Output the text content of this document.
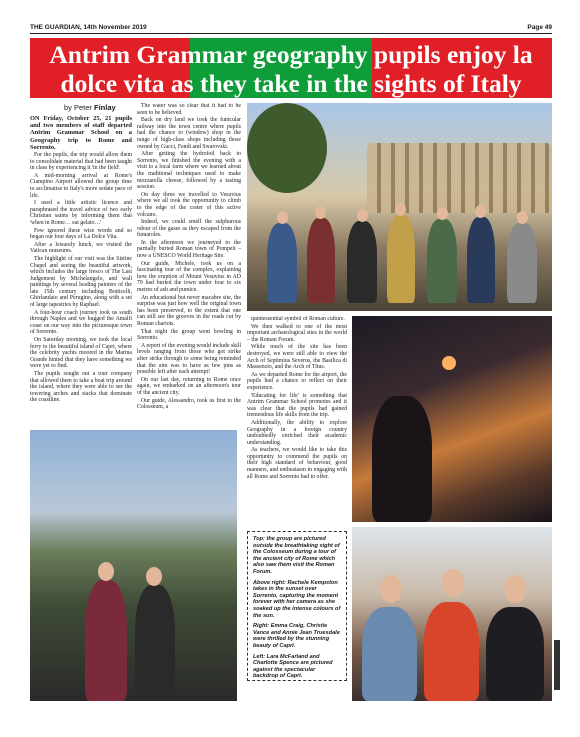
THE GUARDIAN, 14th November 2019	Page 49
Antrim Grammar geography pupils enjoy la
dolce vita as they take in the sights of Italy
by Peter Finlay

ON Friday, October 25, 21 pupils and two members of staff departed Antrim Grammar School on a Geography trip to Rome and Sorrento.

For the pupils, the trip would allow them to consolidate material that had been taught in class by experiencing it 'in the field'.

A mid-morning arrival at Rome's Ciampino Airport allowed the group time to acclimatise to Italy's more sedate pace of life.

I used a little artistic licence and paraphrased the travel advice of two early Christian saints by informing them that 'when in Rome… eat gelato…'

Few ignored these wise words and so began our four days of La Dolce Vita.

After a leisurely lunch, we visited the Vatican museums.

The highlight of our visit was the Sistine Chapel and seeing the beautiful artwork, which includes the large fresco of The Last Judgement by Michelangelo, and wall paintings by several leading painters of the late 15th century including Botticelli, Ghirlandaio and Perugino, along with a set of large tapestries by Raphael.

A four-hour coach journey took us south through Naples and we hugged the Amalfi coast on our way into the picturesque town of Sorrento.

On Saturday morning, we took the local ferry to the beautiful island of Capri, where the celebrity yachts moored in the Marina Grande hinted that they have something we were yet to find.

The pupils sought out a tour company that allowed them to take a boat trip around the island, where they were able to see the towering arches and stacks that dominate the coastline.

The water was so clear that it had to be seen to be believed.

Back on dry land we took the funicular railway into the town centre where pupils had the chance to (window) shop in the range of high-class shops including those owned by Gucci, Fendi and Swarovski.

After getting the hydrofoil back to Sorrento, we finished the evening with a visit to a local farm where we learned about the traditional techniques used to make mozzarella cheese, followed by a tasting session.

On day three we travelled to Vesuvius where we all took the opportunity to climb to the edge of the crater of this active volcano.

Indeed, we could smell the sulphurous odour of the gases as they escaped from the fumaroles.

In the afternoon we journeyed to the partially buried Roman town of Pompeii – now a UNESCO World Heritage Site.

Our guide, Michele, took us on a fascinating tour of the complex, explaining how the eruption of Mount Vesuvius in AD 79 had buried the town under four to six metres of ash and pumice.

An educational but never macabre site, the surprise was just how well the original town has been preserved, to the extent that one can still see the grooves in the roads cut by Roman chariots.

That night the group went bowling in Sorrento.

A report of the evening would include skill levels ranging from those who got strike after strike through to some being reminded that the aim was to have as few pins as possible left after each attempt!

On our last day, returning to Rome once again, we embarked on an afternoon's tour of the ancient city.

Our guide, Alessandro, took us first to the Colosseum, a

quintessential symbol of Roman culture.

We then walked to one of the most important archaeological sites in the world – the Roman Forum.

While much of the site has been destroyed, we were still able to view the Arch of Septimius Severus, the Basilica di Massenzio, and the Arch of Titus.

As we departed Rome for the airport, the pupils had a chance to reflect on their experience.

'Educating for life' is something that Antrim Grammar School promotes and it was clear that the pupils had gained tremendous life skills from the trip.

Additionally, the ability to explore Geography in a foreign country undoubtedly enriched their academic understanding.

As teachers, we would like to take this opportunity to commend the pupils on their high standard of behaviour, good manners, and enthusiasm in engaging with all Rome and Sorrento had to offer.

Top: the group are pictured outside the breathtaking sight of the Colosseum during a tour of the ancient city of Rome which also saw them visit the Roman Forum.

Above right: Rachele Kempston takes in the sunset over Sorrento, capturing the moment forever with her camera as she soaked up the intense colours of the sun.

Right: Emma Craig, Christie Vance and Annie Jean Truesdale were thrilled by the stunning beauty of Capri.

Left: Lara McFarland and Charlotte Spence are pictured against the spectacular backdrop of Capri.
